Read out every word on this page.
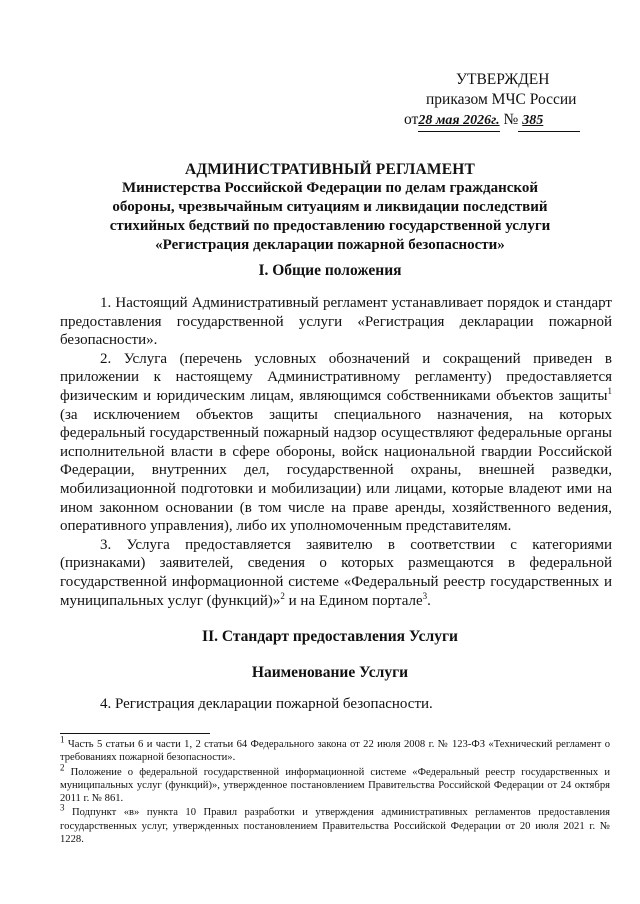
УТВЕРЖДЕН
приказом МЧС России
от28 мая 2026г. № 385
АДМИНИСТРАТИВНЫЙ РЕГЛАМЕНТ
Министерства Российской Федерации по делам гражданской
обороны, чрезвычайным ситуациям и ликвидации последствий
стихийных бедствий по предоставлению государственной услуги
«Регистрация декларации пожарной безопасности»
I. Общие положения

1. Настоящий Административный регламент устанавливает порядок и стандарт предоставления государственной услуги «Регистрация декларации пожарной безопасности».

2. Услуга (перечень условных обозначений и сокращений приведен в приложении к настоящему Административному регламенту) предоставляется физическим и юридическим лицам, являющимся собственниками объектов защиты$^1$ (за исключением объектов защиты специального назначения, на которых федеральный государственный пожарный надзор осуществляют федеральные органы исполнительной власти в сфере обороны, войск национальной гвардии Российской Федерации, внутренних дел, государственной охраны, внешней разведки, мобилизационной подготовки и мобилизации) или лицами, которые владеют ими на ином законном основании (в том числе на праве аренды, хозяйственного ведения, оперативного управления), либо их уполномоченным представителям.

3. Услуга предоставляется заявителю в соответствии с категориями (признаками) заявителей, сведения о которых размещаются в федеральной государственной информационной системе «Федеральный реестр государственных и муниципальных услуг (функций)»$^2$ и на Едином портале$^3$.

II. Стандарт предоставления Услуги
Наименование Услуги
4. Регистрация декларации пожарной безопасности.

$^1$ Часть 5 статьи 6 и части 1, 2 статьи 64 Федерального закона от 22 июля 2008 г. № 123-ФЗ «Технический регламент о требованиях пожарной безопасности».

$^2$ Положение о федеральной государственной информационной системе «Федеральный реестр государственных и муниципальных услуг (функций)», утвержденное постановлением Правительства Российской Федерации от 24 октября 2011 г. № 861.

$^3$ Подпункт «в» пункта 10 Правил разработки и утверждения административных регламентов предоставления государственных услуг, утвержденных постановлением Правительства Российской Федерации от 20 июля 2021 г. № 1228.
